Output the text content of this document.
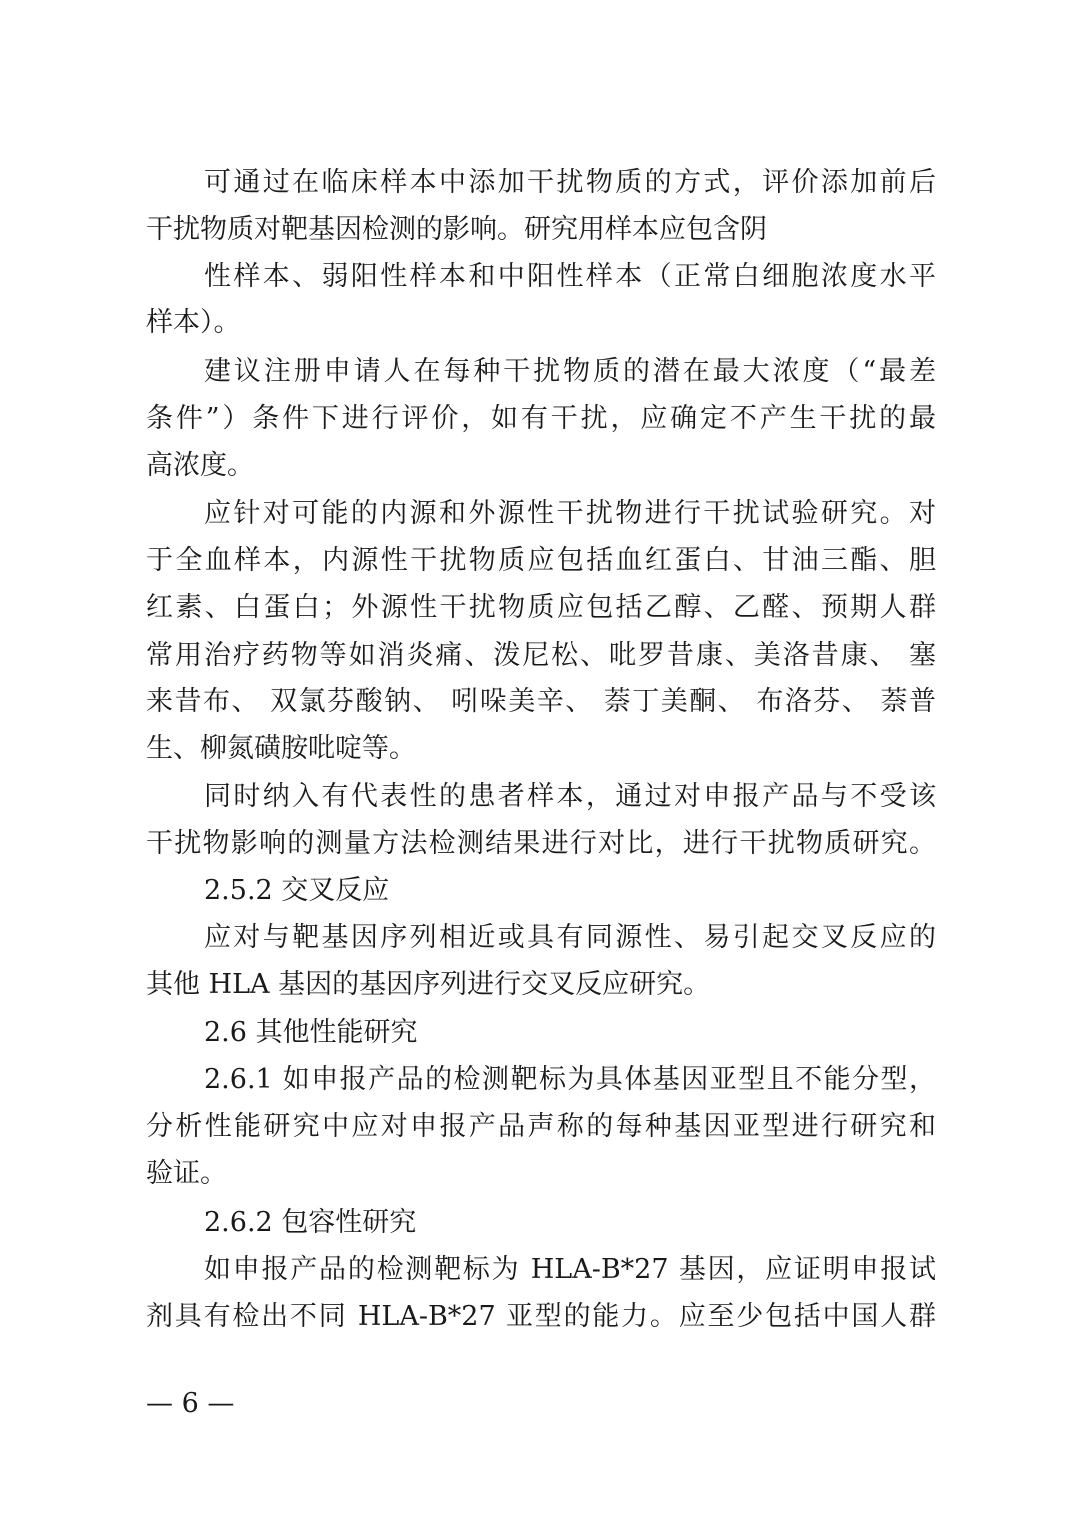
可通过在临床样本中添加干扰物质的方式，评价添加前后
干扰物质对靶基因检测的影响。研究用样本应包含阴
性样本、弱阳性样本和中阳性样本（正常白细胞浓度水平
样本）。
建议注册申请人在每种干扰物质的潜在最大浓度（“最差
条件”）条件下进行评价，如有干扰，应确定不产生干扰的最
高浓度。
应针对可能的内源和外源性干扰物进行干扰试验研究。对
于全血样本，内源性干扰物质应包括血红蛋白、甘油三酯、胆
红素、白蛋白；外源性干扰物质应包括乙醇、乙醛、预期人群
常用治疗药物等如消炎痛、泼尼松、吡罗昔康、美洛昔康、 塞
来昔布、 双氯芬酸钠、 吲哚美辛、 萘丁美酮、 布洛芬、 萘普
生、柳氮磺胺吡啶等。
同时纳入有代表性的患者样本，通过对申报产品与不受该
干扰物影响的测量方法检测结果进行对比，进行干扰物质研究。
2.5.2 交叉反应
应对与靶基因序列相近或具有同源性、易引起交叉反应的
其他 HLA 基因的基因序列进行交叉反应研究。
2.6 其他性能研究
2.6.1 如申报产品的检测靶标为具体基因亚型且不能分型，
分析性能研究中应对申报产品声称的每种基因亚型进行研究和
验证。
2.6.2 包容性研究
如申报产品的检测靶标为 HLA-B*27 基因，应证明申报试
剂具有检出不同 HLA-B*27 亚型的能力。应至少包括中国人群
— 6 —
